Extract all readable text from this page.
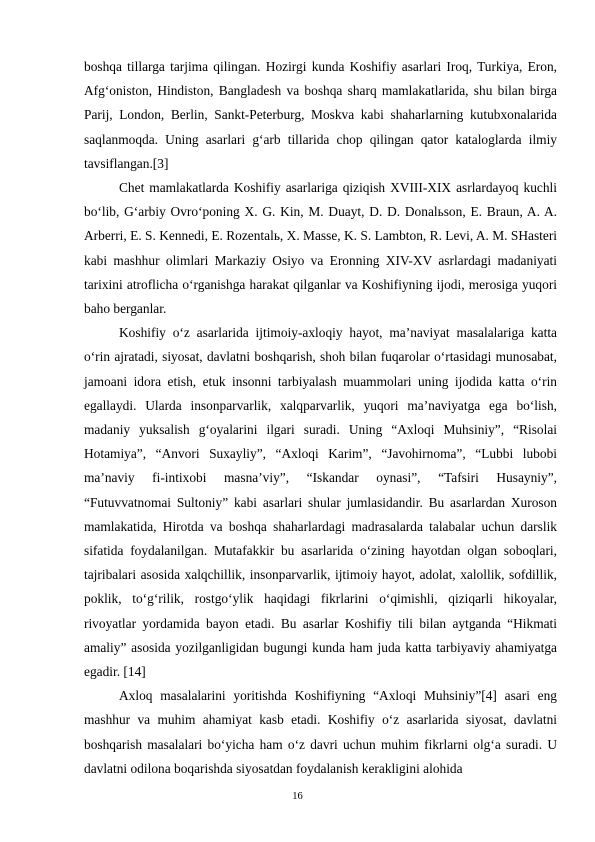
boshqa tillarga tarjima qilingan. Hozirgi kunda Koshifiy asarlari Iroq, Turkiya, Eron, Afg‘oniston, Hindiston, Bangladesh va boshqa sharq mamlakatlarida, shu bilan birga Parij, London, Berlin, Sankt-Peterburg, Moskva kabi shaharlarning kutubxonalarida saqlanmoqda. Uning asarlari g‘arb tillarida chop qilingan qator kataloglarda ilmiy tavsiflangan.[3]

Chet mamlakatlarda Koshifiy asarlariga qiziqish XVIII-XIX asrlardayoq kuchli bo‘lib, G‘arbiy Ovro‘poning X. G. Kin, M. Duayt, D. D. Donalьson, E. Braun, A. A. Arberri, E. S. Kennedi, E. Rozentalь, X. Masse, K. S. Lambton, R. Levi, A. M. SHasteri kabi mashhur olimlari Markaziy Osiyo va Eronning XIV-XV asrlardagi madaniyati tarixini atroflicha o‘rganishga harakat qilganlar va Koshifiyning ijodi, merosiga yuqori baho berganlar.

Koshifiy o‘z asarlarida ijtimoiy-axloqiy hayot, ma’naviyat masalalariga katta o‘rin ajratadi, siyosat, davlatni boshqarish, shoh bilan fuqarolar o‘rtasidagi munosabat, jamoani idora etish, etuk insonni tarbiyalash muammolari uning ijodida katta o‘rin egallaydi. Ularda insonparvarlik, xalqparvarlik, yuqori ma’naviyatga ega bo‘lish, madaniy yuksalish g‘oyalarini ilgari suradi. Uning “Axloqi Muhsiniy”, “Risolai Hotamiya”, “Anvori Suxayliy”, “Axloqi Karim”, “Javohirnoma”, “Lubbi lubobi ma’naviy fi-intixobi masna’viy”, “Iskandar oynasi”, “Tafsiri Husayniy”, “Futuvvatnomai Sultoniy” kabi asarlari shular jumlasidandir. Bu asarlardan Xuroson mamlakatida, Hirotda va boshqa shaharlardagi madrasalarda talabalar uchun darslik sifatida foydalanilgan. Mutafakkir bu asarlarida o‘zining hayotdan olgan soboqlari, tajribalari asosida xalqchillik, insonparvarlik, ijtimoiy hayot, adolat, xalollik, sofdillik, poklik, to‘g‘rilik, rostgo‘ylik haqidagi fikrlarini o‘qimishli, qiziqarli hikoyalar, rivoyatlar yordamida bayon etadi. Bu asarlar Koshifiy tili bilan aytganda “Hikmati amaliy” asosida yozilganligidan bugungi kunda ham juda katta tarbiyaviy ahamiyatga egadir. [14]

Axloq masalalarini yoritishda Koshifiyning “Axloqi Muhsiniy”[4] asari eng mashhur va muhim ahamiyat kasb etadi. Koshifiy o‘z asarlarida siyosat, davlatni boshqarish masalalari bo‘yicha ham o‘z davri uchun muhim fikrlarni olg‘a suradi. U davlatni odilona boqarishda siyosatdan foydalanish kerakligini alohida

16
